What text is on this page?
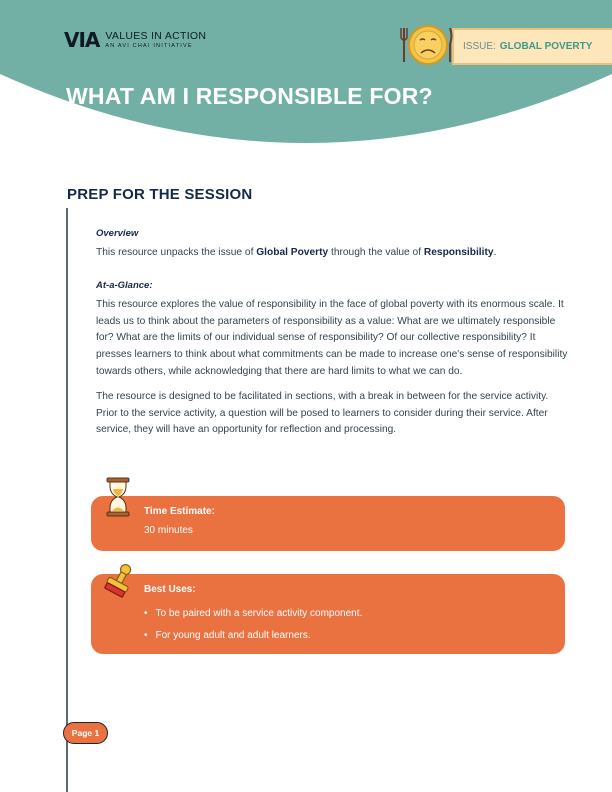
VIA VALUES IN ACTION
AN AVI CHAI INITIATIVE	ISSUE: GLOBAL POVERTY
WHAT AM I RESPONSIBLE FOR?
PREP FOR THE SESSION
Overview

This resource unpacks the issue of Global Poverty through the value of Responsibility.

At-a-Glance:

This resource explores the value of responsibility in the face of global poverty with its enormous scale. It leads us to think about the parameters of responsibility as a value: What are we ultimately responsible for? What are the limits of our individual sense of responsibility? Of our collective responsibility? It presses learners to think about what commitments can be made to increase one's sense of responsibility towards others, while acknowledging that there are hard limits to what we can do.

The resource is designed to be facilitated in sections, with a break in between for the service activity. Prior to the service activity, a question will be posed to learners to consider during their service. After service, they will have an opportunity for reflection and processing.

Time Estimate:
30 minutes
Best Uses:
• To be paired with a service activity component.
• For young adult and adult learners.
Page 1
